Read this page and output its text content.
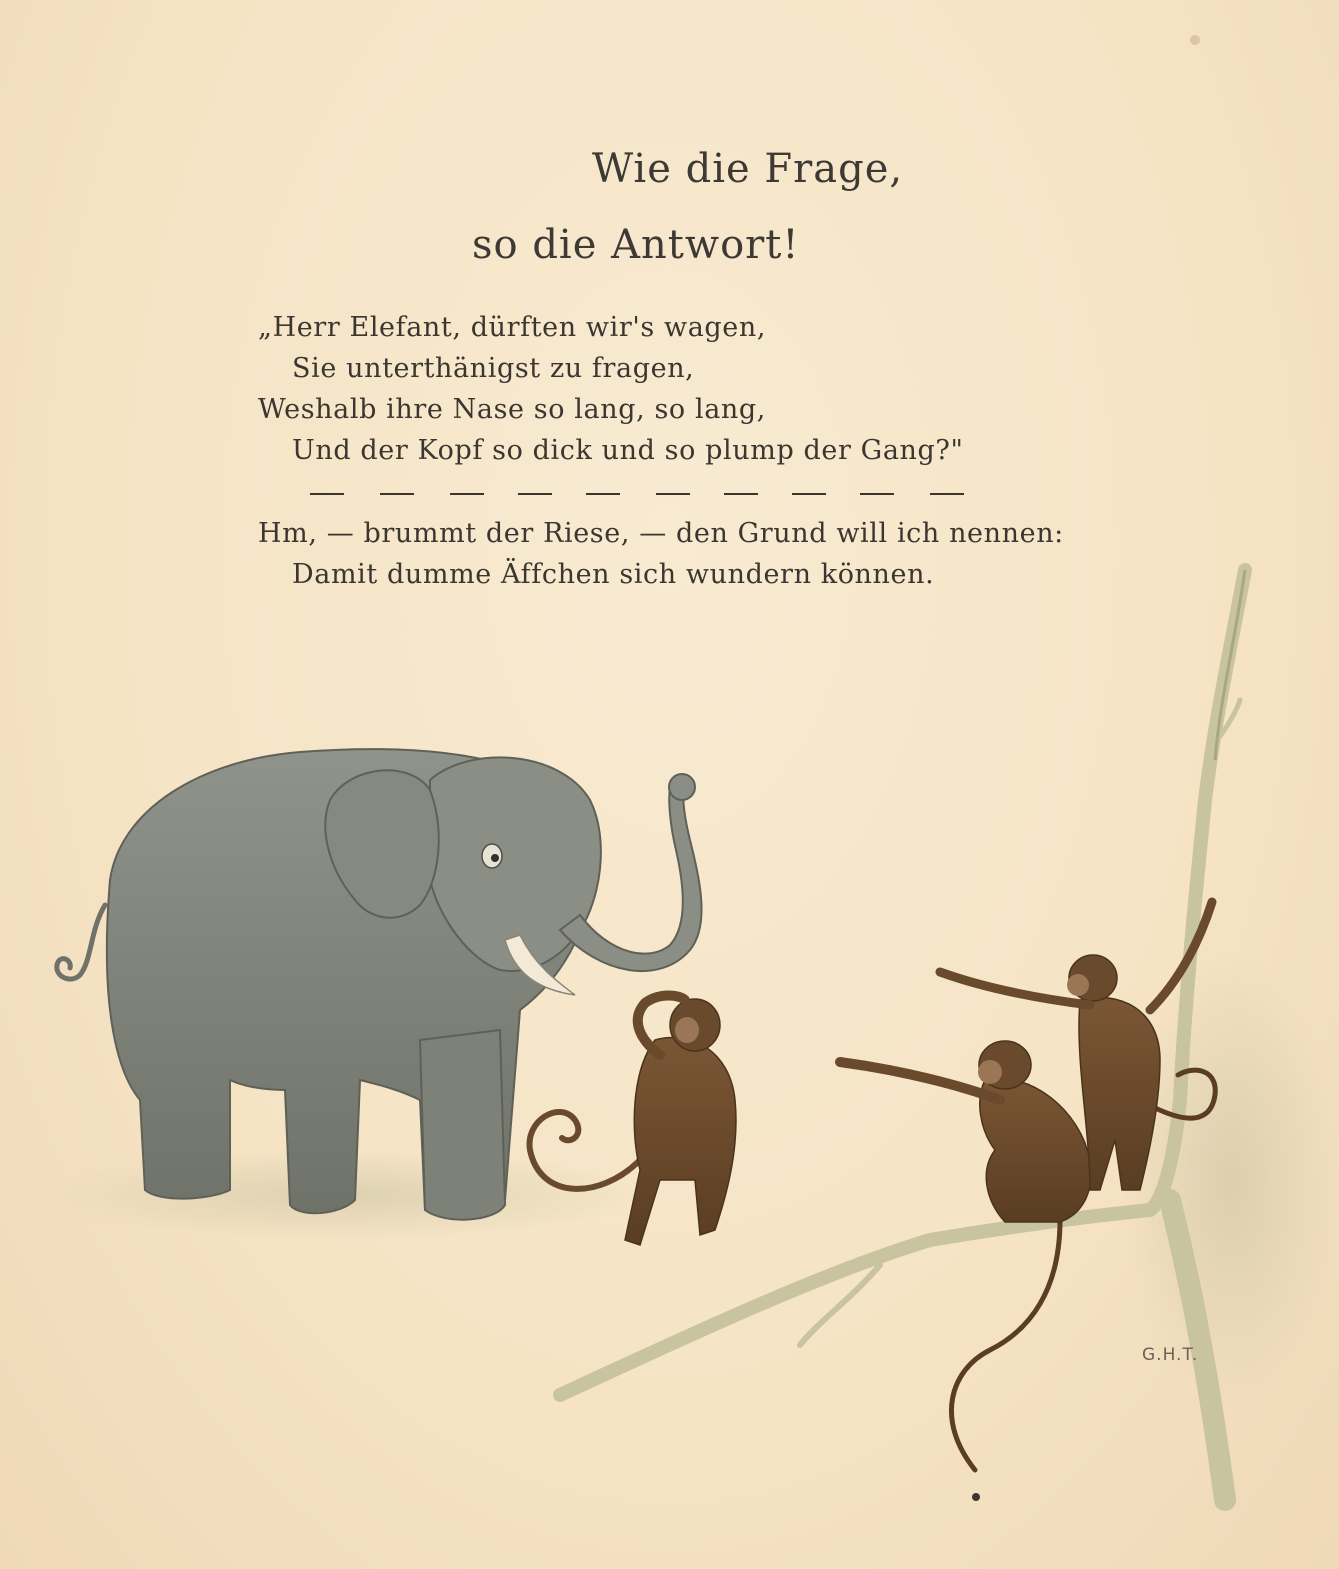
Wie die Frage,
so die Antwort!
„Herr Elefant, dürften wir's wagen,
Sie unterthänigst zu fragen,
Weshalb ihre Nase so lang, so lang,
Und der Kopf so dick und so plump der Gang?"
Hm, — brummt der Riese, — den Grund will ich nennen:
Damit dumme Äffchen sich wundern können.
G.H.T.
